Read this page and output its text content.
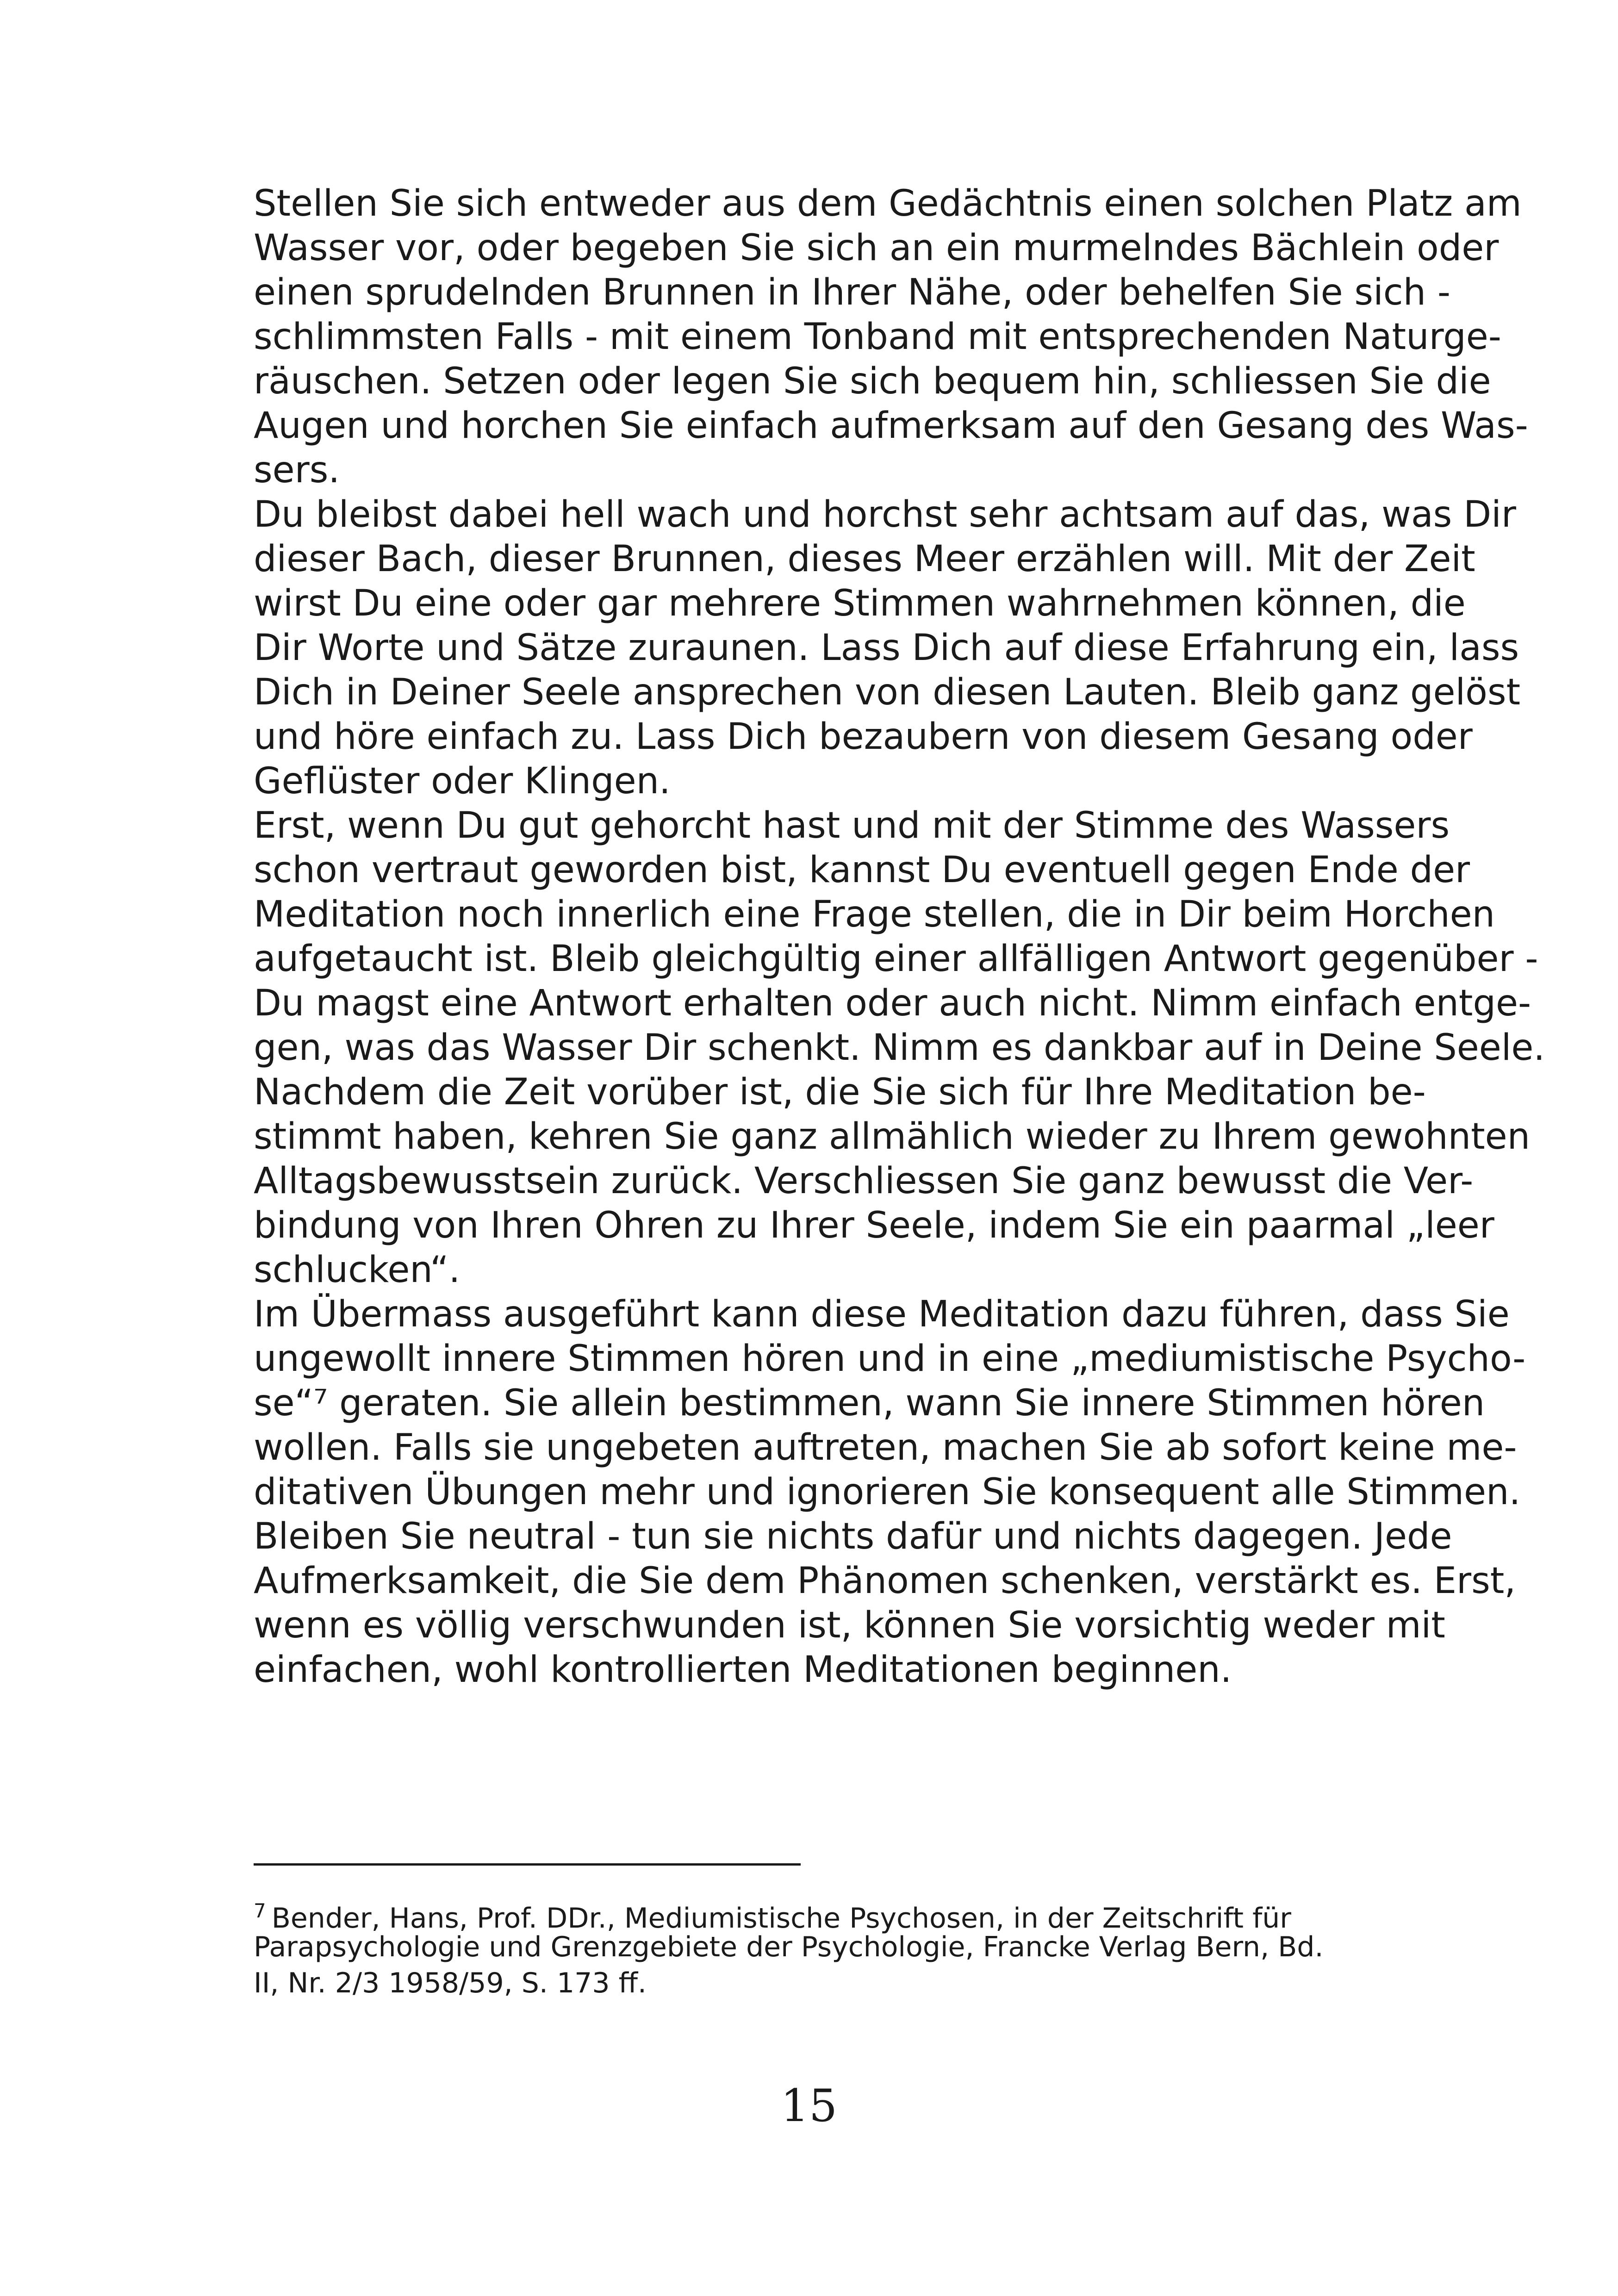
Stellen Sie sich entweder aus dem Gedächtnis einen solchen Platz am
Wasser vor, oder begeben Sie sich an ein murmelndes Bächlein oder
einen sprudelnden Brunnen in Ihrer Nähe, oder behelfen Sie sich -
schlimmsten Falls - mit einem Tonband mit entsprechenden Naturge-
räuschen. Setzen oder legen Sie sich bequem hin, schliessen Sie die
Augen und horchen Sie einfach aufmerksam auf den Gesang des Was-
sers.
Du bleibst dabei hell wach und horchst sehr achtsam auf das, was Dir
dieser Bach, dieser Brunnen, dieses Meer erzählen will. Mit der Zeit
wirst Du eine oder gar mehrere Stimmen wahrnehmen können, die
Dir Worte und Sätze zuraunen. Lass Dich auf diese Erfahrung ein, lass
Dich in Deiner Seele ansprechen von diesen Lauten. Bleib ganz gelöst
und höre einfach zu. Lass Dich bezaubern von diesem Gesang oder
Geflüster oder Klingen.
Erst, wenn Du gut gehorcht hast und mit der Stimme des Wassers
schon vertraut geworden bist, kannst Du eventuell gegen Ende der
Meditation noch innerlich eine Frage stellen, die in Dir beim Horchen
aufgetaucht ist. Bleib gleichgültig einer allfälligen Antwort gegenüber -
Du magst eine Antwort erhalten oder auch nicht. Nimm einfach entge-
gen, was das Wasser Dir schenkt. Nimm es dankbar auf in Deine Seele.
Nachdem die Zeit vorüber ist, die Sie sich für Ihre Meditation be-
stimmt haben, kehren Sie ganz allmählich wieder zu Ihrem gewohnten
Alltagsbewusstsein zurück. Verschliessen Sie ganz bewusst die Ver-
bindung von Ihren Ohren zu Ihrer Seele, indem Sie ein paarmal „leer
schlucken“.
Im Übermass ausgeführt kann diese Meditation dazu führen, dass Sie
ungewollt innere Stimmen hören und in eine „mediumistische Psycho-
se“⁷ geraten. Sie allein bestimmen, wann Sie innere Stimmen hören
wollen. Falls sie ungebeten auftreten, machen Sie ab sofort keine me-
ditativen Übungen mehr und ignorieren Sie konsequent alle Stimmen.
Bleiben Sie neutral - tun sie nichts dafür und nichts dagegen. Jede
Aufmerksamkeit, die Sie dem Phänomen schenken, verstärkt es. Erst,
wenn es völlig verschwunden ist, können Sie vorsichtig weder mit
einfachen, wohl kontrollierten Meditationen beginnen.
$^7$ Bender, Hans, Prof. DDr., Mediumistische Psychosen, in der Zeitschrift für
Parapsychologie und Grenzgebiete der Psychologie, Francke Verlag Bern, Bd.
II, Nr. 2/3 1958/59, S. 173 ff.
15
